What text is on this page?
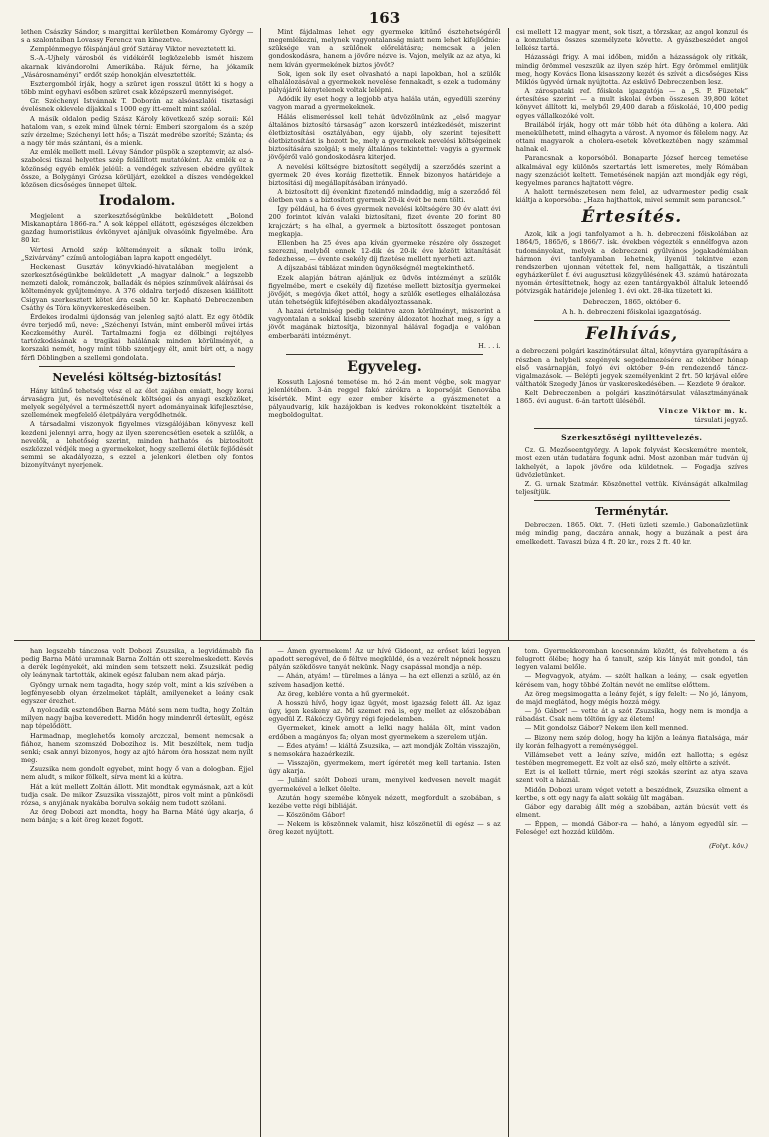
163

lethen Császky Sándor, s margittai kerületben Komáromy György — s a szalontaiban Lovassy Ferencz van kinezetve.

Zemplénmegye főispánjául gróf Sztáray Viktor neveztetett ki.

S.-A.-Ujhely városból és vidékéről legközelebb ismét hiszem akarnak kivándorolni Amerikába. Rájuk férne, ha jókamik „Vásárosnaményi” erdőt szép honokján elvesztették.

Esztergomból írják, hogy a szüret igen rosszul ütött ki s hogy a több mint egyhavi esőben szüret csak középszerű mennyiséget.

Gr. Széchenyi Istvánnak T. Doborán az alsóaszlalói tisztasági évelésnek oklevele díjakkal s 1000 egy itt-emelt mint szólal.

A másik oldalon pedig Szász Károly következő szép soraii: Kél hatalom van, s ezek mind ülnek térni: Emberi szorgalom és a szép szív érzelme; Széchenyi lett hős; a Tiszát medrébe szoríté; Szánta; és a nagy tér más szántani, és a mienk.

Az emlék mellett mell. Lévay Sándor püspök a szeptemvir, az alsó-szabolcsi tiszai helyettes szép felállított mutatóként. Az emlék ez a közönség egyéb emlék jeléül: a vendégek szívesen ebédre gyűltek össze, a Bolygányi Grózsa körüljárt, ezekkel a díszes vendégekkel közösen dicsőséges ünnepet ültek.

Irodalom.

Megjelent a szerkesztőségünkbe beküldetett „Bolond Miskanaptára 1866-ra.” A sok képpel ellátott, egészséges élczekben gazdag humoristikus évkönyvet ajánljuk olvasóink figyelmébe. Ára 80 kr.

Vértesi Arnold szép költeményeit a síknak tollu irónk, „Szivárvány” czímű antologiában lapra kapott engedélyt.

Heckenast Gusztáv könyvkiadó-hivatalában megjelent a szerkesztőségünkbe beküldetett „A magyar dalnok.” a legszebb nemzeti dalok, románczok, balladák és népies színművek aláírásai és költemények gyűjteménye. A 376 oldalra terjedő díszesen kiállított Csigyan szerkesztett kötet ára csak 50 kr. Kapható Debreczenben Csáthy és Tóra könyvkereskedéseiben.

Érdekes irodalmi újdonság van jelenleg sajtó alatt. Ez egy ötödik évre terjedő mű, neve: „Széchenyi István, mint emberöl művei irtás Keczkeméthy Aurél. Tartalmazni fogja ez dölbingi rejtélyes tartózkodásának a tragikai halálának minden körülményét, a korszaki nemét, hogy mint több szentjegy élt, amit bírt ott, a nagy férfi Döblingben a szellemi gondolata.

Nevelési költség-biztosítás!

Hány kitűnő tehetség vész el az élet zajában emiatt, hogy korai árvaságra jut, és neveltetésének költségei és anyagi eszközöket, melyek segélyével a természettől nyert adományainak kifejlesztése, szellemének megfelelő életpályára vergődhetnék.

A társadalmi viszonyok figyelmes vizsgálójában könyvesz kell kezdeni jelennyi arra, hogy az ilyen szerencsétlen esetek a szülők, a nevelők, a lehetőség szerint, minden hathatós és biztosított eszközzel védjék meg a gyermekeket, hogy szellemi életük fejlődését semmi se akadályozza, s ezzel a jelenkori életben oly fontos bizonyítványt nyerjenek.

Mint fájdalmas lehet egy gyermeke kitűnő észtehetségéről megemlékezni, melynek vagyontalanság miatt nem lehet kifejlődnie: szüksége van a szülőnek előrelátásra; nemcsak a jelen gondoskodásra, hanem a jövőre nézve is. Vajon, melyik az az atya, ki nem kíván gyermekének biztos jövőt?

Sok, igen sok ily eset olvasható a napi lapokban, hol a szülők elhalálozásával a gyermekek nevelése fennakadt, s ezek a tudomány pályájáról kénytelenek voltak lelépni.

Adódik ily eset hogy a legjobb atya halála után, egyedüli szerény vagyon marad a gyermekeknek.

Hálás elismeréssel kell tehát üdvözölnünk az „első magyar általános biztosító társaság” azon korszerű intézkedését, miszerint életbiztosítási osztályában, egy újabb, oly szerint tejesített életbiztosítást is hozott be, mely a gyermekek nevelési költségeinek biztosítására szolgál; s mely általános tekintettel: vagyis a gyermek jövőjéről való gondoskodásra kiterjed.

A nevelési költségre biztosított segélydíj a szerződés szerint a gyermek 20 éves koráig fizettetik. Ennek bizonyos határideje a biztosítási díj megállapításában irányadó.

A biztosított díj évenkint fizetendő mindaddig, míg a szerződő fél életben van s a biztosított gyermek 20-ik évét be nem tölti.

Így például, ha 6 éves gyermek nevelési költségére 30 év alatt évi 200 forintot kíván valaki biztosítani, fizet évente 20 forint 80 krajczárt; s ha elhal, a gyermek a biztosított összeget pontosan megkapja.

Ellenben ha 25 éves apa kíván gyermeke részére oly összeget szerezni, melyből ennek 12-dik és 20-ik éve között kitanítását fedezhesse, — évente csekély díj fizetése mellett nyerheti azt.

A díjszabási táblázat minden ügynökségnél megtekinthető.

Ezek alapján bátran ajánljuk ez üdvös intézményt a szülők figyelmébe, mert e csekély díj fizetése mellett biztosítja gyermekei jövőjét, s megóvja őket attól, hogy a szülők esetleges elhalálozása után tehetségük kifejtésében akadályoztassanak.

A hazai értelmiség pedig tekintve azon körülményt, miszerint a vagyontalan a sokkal kisebb szerény áldozatot hozhat meg, s így a jövőt magának biztosítja, bizonnyal hálával fogadja e valóban emberbaráti intézményt.

H. . . i.
Egyveleg.

Kossuth Lajosné temetése m. hó 2-án ment végbe, sok magyar jelenlétében. 3-án reggel fakó zárókra a koporsóját Genovába kísérték. Mint egy ezer ember kísérte a gyászmenetet a pályaudvarig, kik hazájokban is kedves rokonokként tisztelték a megboldogultat.

csi mellett 12 magyar ment, sok tiszt, a törzskar, az angol konzul és a konzulatus összes személyzete követte. A gyászbeszédet angol lelkész tartá.

Házassági frigy. A mai időben, midőn a házasságok oly ritkák, mindig örömmel veszszük az ilyen szép hírt. Egy örömmel emlitjük meg, hogy Kovács Ilona kisasszony kezét és szívét a dicsőséges Kiss Miklós ügyvéd úrnak nyújtotta. Az esküvő Debreczenben lesz.

A zárospataki ref. főiskola igazgatója — a „S. P. Füzetek” értesítése szerint — a mult iskolai évben összesen 39,800 kötet könyvet állított ki, melyből 29,400 darab a főiskoláé, 10,400 pedig egyes vállalkozóké volt.

Brailából írják, hogy ott már több hét óta dühöng a kolera. Aki menekülhetett, mind elhagyta a várost. A nyomor és félelem nagy. Az ottani magyarok a cholera-esetek következtében nagy számmal halnak el.

Parancsnak a koporsóból. Bonaparte József herceg temetése alkalmával egy különös szertartás lett ismeretes, mely Rómában nagy szenzációt keltett. Temetésének napján azt mondják egy régi, kegyelmes parancs hajtatott végre.

A halott természetesen nem felel, az udvarmester pedig csak kiáltja a koporsóba: „Haza hajthattok, mivel semmit sem parancsol.”

Értesítés.

Azok, kik a jogi tanfolyamot a h. h. debreczeni főiskolában az 1864/5, 1865/6, s 1866/7. isk. években végezték s ennélfogva azon tudományokat, melyek a debreczeni gyűlvános jogakadémiában hármon évi tanfolyamban lehetnek, ilyenül tekintve ezen rendszerben ujonnan vétettek fel, nem hallgatták, a tiszántuli egyházkerület f. évi augusztusi közgyűlésének 43. számú határozata nyomán értesíttetnek, hogy az ezen tantárgyakból általuk leteendő pótvizsgák határideje jelenleg 1. évi okt. 28-ika tüzetett ki.

Debreczen, 1865, október 6.
A h. h. debreczeni főiskolai igazgatóság.
Felhívás,

a debreczeni polgári kaszinótársulat által, könyvtára gyarapítására a részben a helybeli szegények segedelmezésére az október hónap első vasárnapján, folyó évi október 9-én rendezendő táncz-vigalmazások. — Belépti jegyek személyenkint 2 frt. 50 krjával előre válthatók Szegedy János úr vaskereskedésében. — Kezdete 9 órakor.

Kelt Debreczenben a polgári kaszinótársulat választmányának 1865. évi august. 6-án tartott üléséből.

Vincze Viktor m. k.
társulati jegyző.
Szerkesztőségi nyilttevelezés.

Cz. G. Mezőseentgyörgy. A lapok folyvást Kecskemétre mentek, most ezen után tudatára fogunk adni. Most azonban már tudván új lakhelyét, a lapok jövőre oda küldetnek. — Fogadja szíves üdvözletünket.

Z. G. urnak Szatmár. Köszönettel vettük. Kívánságát alkalmilag teljesítjük.

Terménytár.

Debreczen. 1865. Okt. 7. (Heti üzleti szemle.) Gabonaüzletünk még mindig pang, daczára annak, hogy a buzának a pest ára emelkedett. Tavaszi búza 4 ft. 20 kr., rozs 2 ft. 40 kr.

han legszebb tánczosa volt Dobozi Zsuzsika, a legvidámabb fia pedig Barna Máté uramnak Barna Zoltán ott szerelmeskedett. Kevés a derék legényekét, aki minden sem tetszett neki. Zsuzsikát pedig oly leánynak tartották, akinek egész faluban nem akad párja.

Gyöngy urnak nem tagadta, hogy szép volt, mint a kis szívében a legfényesebb olyan érzelmeket táplált, amilyeneket a leány csak egyszer érezhet.

A nyolcadik esztendőben Barna Máté sem nem tudta, hogy Zoltán milyen nagy bajba keveredett. Midőn hogy mindenről értesült, egész nap tépelődött.

Harmadnap, meglehetős komoly arczczal, bement nemcsak a fiához, hanem szomszéd Dobozihoz is. Mit beszéltek, nem tudja senki; csak annyi bizonyos, hogy az ajtó három óra hosszat nem nyílt meg.

Zsuzsika nem gondolt egyebet, mint hogy ő van a dologban. Éjjel nem aludt, s mikor fölkelt, sírva ment ki a kútra.

Hát a kút mellett Zoltán állott. Mit mondtak egymásnak, azt a kút tudja csak. De mikor Zsuzsika visszajött, piros volt mint a pünkösdi rózsa, s anyjának nyakába borulva sokáig nem tudott szólani.

Az öreg Dobozi azt mondta, hogy ha Barna Máté úgy akarja, ő nem bánja; s a két öreg kezet fogott.

— Ámen gyermekem! Az ur hívé Gideont, az erőset kézi legyen apadott seregével, de ő féltve megküldé, és a vezérelt népnek hosszu pályán szökdösve tanyát nekünk. Nagy csapással mondja a nép.

— Ahán, atyám! — türelmes a lánya — ha ezt ellenzi a szülő, az én szívem hasadjon ketté.

Az öreg, keblére vonta a hű gyermekét.

A hosszú hívő, hogy igaz ügyét, most igazság felett áll. Az igaz úgy, igen keskeny az. Mi szemet reá is, egy mellet az előszobában egyedül Z. Rákóczy György régi fejedelemben.

Gyermeket, kinek amott a lelki nagy halála ölt, mint vadon erdőben a magányos fa; olyan most gyermekem a szerelem utján.

— Édes atyám! — kiáltá Zsuzsika, — azt mondják Zoltán visszajön, s nemsokára hazaérkezik.

— Visszajön, gyermekem, mert ígéretét meg kell tartania. Isten úgy akarja.

— Julián! szólt Dobozi uram, menyivel kedvesen nevelt magát gyermekével a lelket ölelte.

Azután hogy szemébe könyek nézett, megfordult a szobában, s kezébe vette régi bibliáját.

— Köszönöm Gábor!

— Nekem is köszönnek valamit, hisz köszönetül di egész — s az öreg kezet nyújtott.

tom. Gyermekkoromban kocsonnám között, és felvehetem a és felugrott ölébe; hogy ha ő tanult, szép kis lányát mit gondol, tán legyen valami belőle.

— Megvagyok, atyám. — szólt halkan a leány, — csak egyetlen kérésem van, hogy többé Zoltán nevét ne említse előttem.

Az öreg megsimogatta a leány fejét, s így felelt: — No jó, lányom, de majd meglátod, hogy mégis hozzá mégy.

— Jó Gábor! — vette át a szót Zsuzsika, hogy nem is mondja a rábadást. Csak nem töltöm így az életem!

— Mit gondolsz Gábor? Nekem ilen kell menned.

— Bizony nem szép dolog, hogy ha kijön a leánya fiatalsága, már ily korán felhagyott a reménységgel.

Villámsebet vett a leány szíve, midőn ezt hallotta; s egész testében megremegett. Ez volt az első szó, mely eltörte a szívét.

Ezt is el kellett tűrnie, mert régi szokás szerint az atya szava szent volt a háznál.

Midőn Dobozi uram véget vetett a beszédnek, Zsuzsika elment a kertbe, s ott egy nagy fa alatt sokáig ült magában.

Gábor egy darabig állt még a szobában, aztán búcsút vett és elment.

— Éppen, — mondá Gábor-ra — hahó, a lányom egyedül sír. — Felesége! ezt hozzád küldöm.

(Folyt. köv.)
